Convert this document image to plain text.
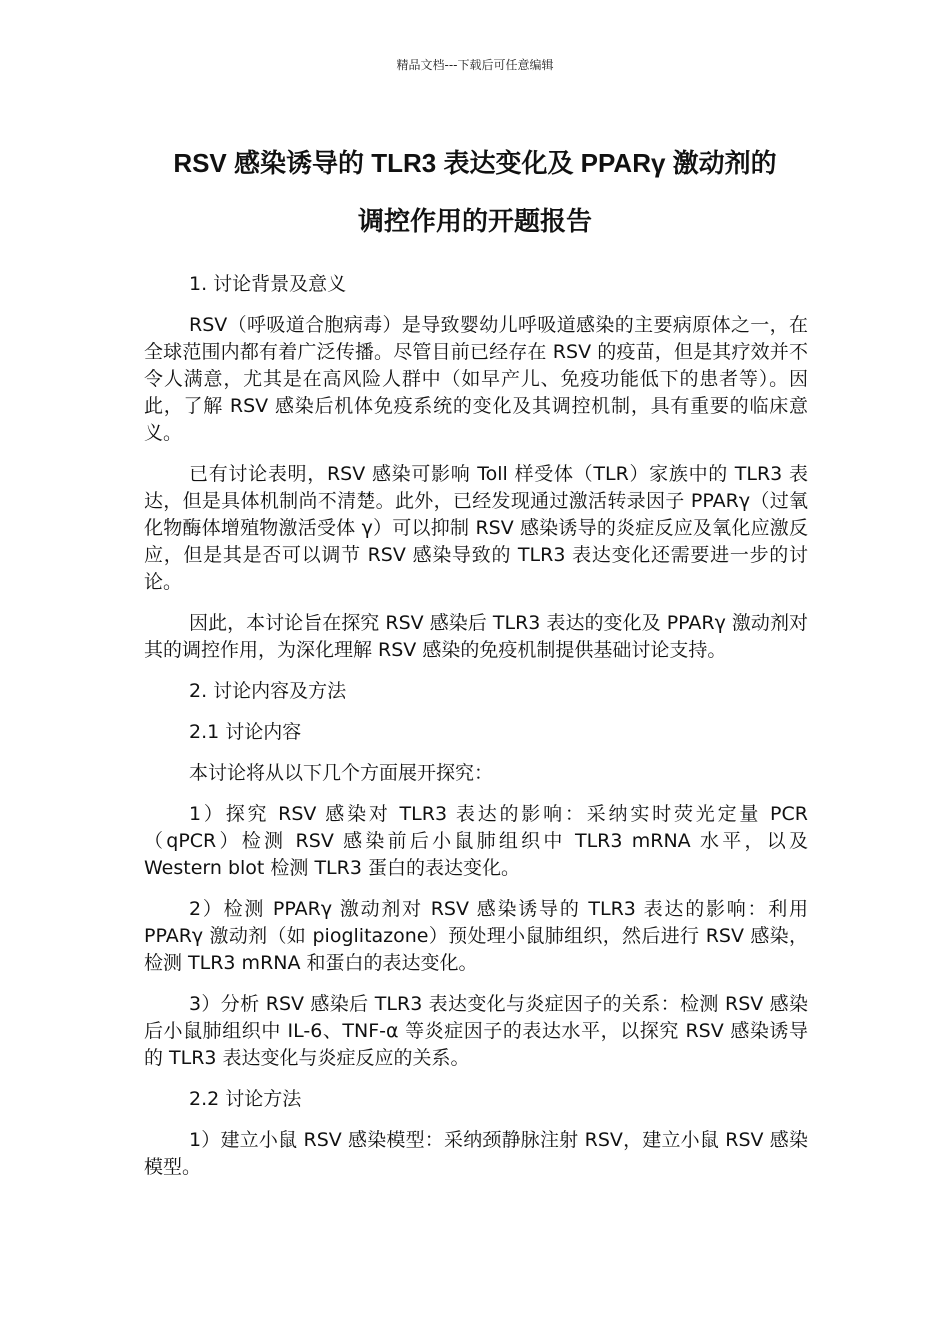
精品文档---下载后可任意编辑
RSV 感染诱导的 TLR3 表达变化及 PPARγ 激动剂的
调控作用的开题报告

1. 讨论背景及意义

RSV（呼吸道合胞病毒）是导致婴幼儿呼吸道感染的主要病原体之一，在全球范围内都有着广泛传播。尽管目前已经存在 RSV 的疫苗，但是其疗效并不令人满意，尤其是在高风险人群中（如早产儿、免疫功能低下的患者等）。因此，了解 RSV 感染后机体免疫系统的变化及其调控机制，具有重要的临床意义。

已有讨论表明，RSV 感染可影响 Toll 样受体（TLR）家族中的 TLR3 表达，但是具体机制尚不清楚。此外，已经发现通过激活转录因子 PPARγ（过氧化物酶体增殖物激活受体 γ）可以抑制 RSV 感染诱导的炎症反应及氧化应激反应，但是其是否可以调节 RSV 感染导致的 TLR3 表达变化还需要进一步的讨论。

因此，本讨论旨在探究 RSV 感染后 TLR3 表达的变化及 PPARγ 激动剂对其的调控作用，为深化理解 RSV 感染的免疫机制提供基础讨论支持。

2. 讨论内容及方法

2.1 讨论内容

本讨论将从以下几个方面展开探究：

1）探究 RSV 感染对 TLR3 表达的影响：采纳实时荧光定量 PCR（qPCR）检测 RSV 感染前后小鼠肺组织中 TLR3 mRNA 水平，以及 Western blot 检测 TLR3 蛋白的表达变化。

2）检测 PPARγ 激动剂对 RSV 感染诱导的 TLR3 表达的影响：利用 PPARγ 激动剂（如 pioglitazone）预处理小鼠肺组织，然后进行 RSV 感染，检测 TLR3 mRNA 和蛋白的表达变化。

3）分析 RSV 感染后 TLR3 表达变化与炎症因子的关系：检测 RSV 感染后小鼠肺组织中 IL-6、TNF-α 等炎症因子的表达水平，以探究 RSV 感染诱导的 TLR3 表达变化与炎症反应的关系。

2.2 讨论方法

1）建立小鼠 RSV 感染模型：采纳颈静脉注射 RSV，建立小鼠 RSV 感染模型。
